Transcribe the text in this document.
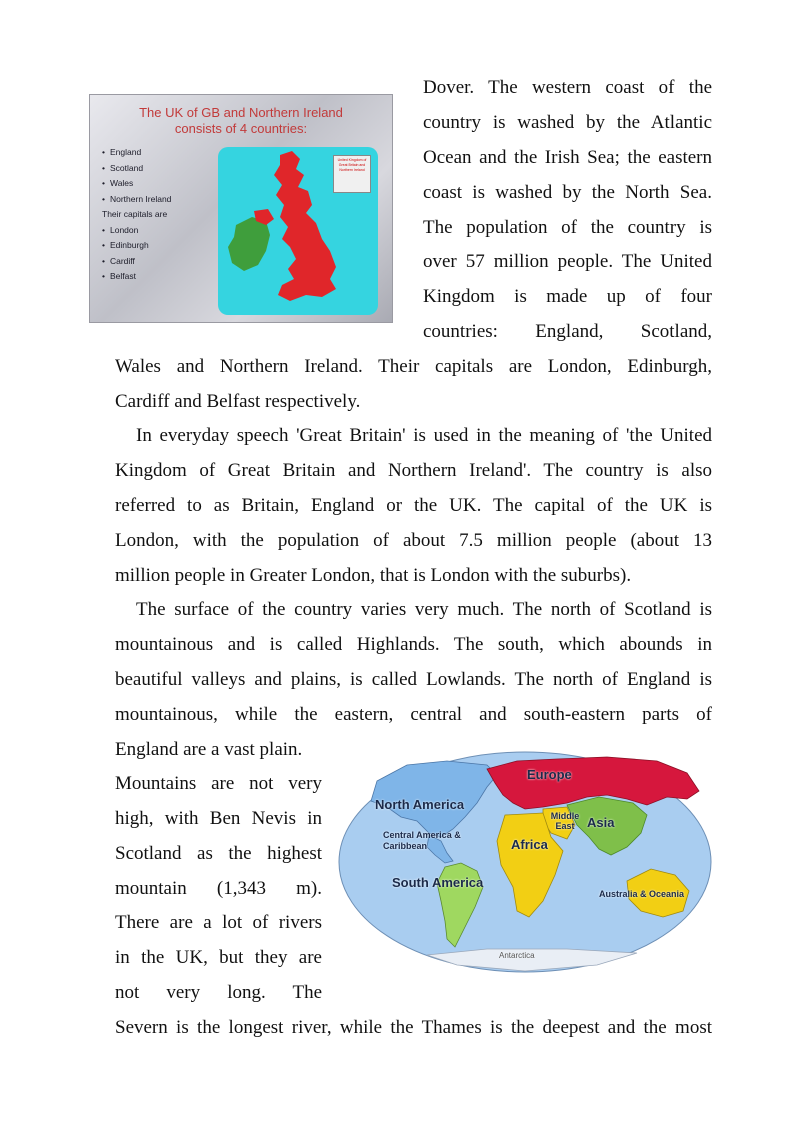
Dover. The western coast of the
country is washed by the Atlantic
Ocean and the Irish Sea; the eastern
coast is washed by the North Sea.
The population of the country is
over 57 million people. The United
Kingdom is made up of four
countries: England, Scotland,
Wales and Northern Ireland. Their capitals are London, Edinburgh,
Cardiff and Belfast respectively.
In everyday speech 'Great Britain' is used in the meaning of 'the United
Kingdom of Great Britain and Northern Ireland'. The country is also
referred to as Britain, England or the UK. The capital of the UK is
London, with the population of about 7.5 million people (about 13
million people in Greater London, that is London with the suburbs).
The surface of the country varies very much. The north of Scotland is
mountainous and is called Highlands. The south, which abounds in
beautiful valleys and plains, is called Lowlands. The north of England is
mountainous, while the eastern, central and south-eastern parts of
England are a vast plain.
Mountains are not very
high, with Ben Nevis in
Scotland as the highest
mountain (1,343 m).
There are a lot of rivers
in the UK, but they are
not very long. The
Severn is the longest river, while the Thames is the deepest and the most
The UK of GB and Northern Ireland
consists of 4 countries:
• England
• Scotland
• Wales
• Northern Ireland
Their capitals are
• London
• Edinburgh
• Cardiff
• Belfast
United Kingdom of Great Britain and Northern Ireland
Europe
North America
Middle East Asia
Central America & Caribbean	Africa
South America
Australia & Oceania
Antarctica
